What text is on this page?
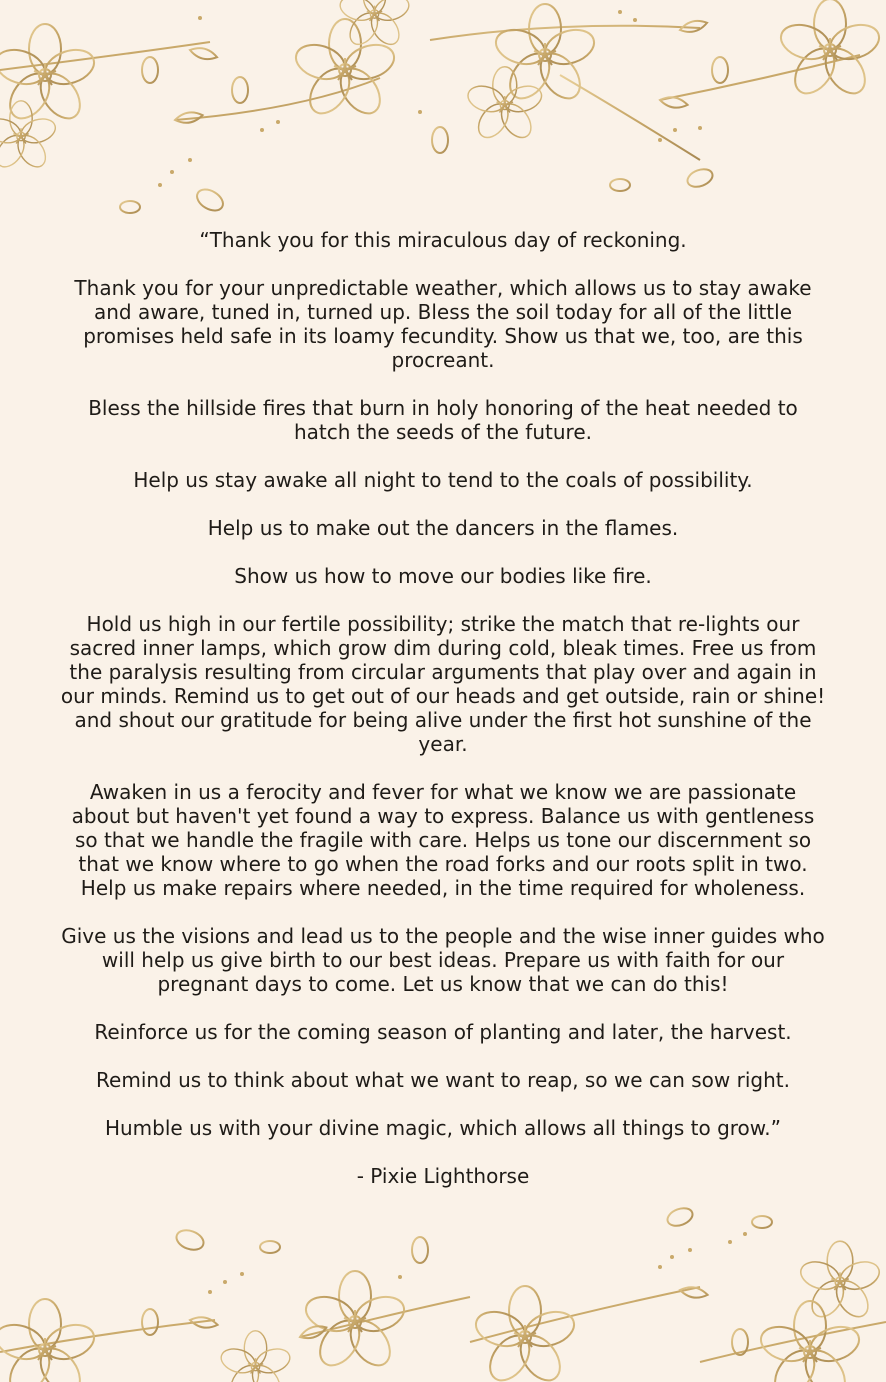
“Thank you for this miraculous day of reckoning.

Thank you for your unpredictable weather, which allows us to stay awake and aware, tuned in, turned up. Bless the soil today for all of the little promises held safe in its loamy fecundity. Show us that we, too, are this procreant.

Bless the hillside fires that burn in holy honoring of the heat needed to hatch the seeds of the future.

Help us stay awake all night to tend to the coals of possibility.

Help us to make out the dancers in the flames.

Show us how to move our bodies like fire.

Hold us high in our fertile possibility; strike the match that re-lights our sacred inner lamps, which grow dim during cold, bleak times. Free us from the paralysis resulting from circular arguments that play over and again in our minds. Remind us to get out of our heads and get outside, rain or shine! and shout our gratitude for being alive under the first hot sunshine of the year.

Awaken in us a ferocity and fever for what we know we are passionate about but haven't yet found a way to express. Balance us with gentleness so that we handle the fragile with care. Helps us tone our discernment so that we know where to go when the road forks and our roots split in two. Help us make repairs where needed, in the time required for wholeness.

Give us the visions and lead us to the people and the wise inner guides who will help us give birth to our best ideas. Prepare us with faith for our pregnant days to come. Let us know that we can do this!

Reinforce us for the coming season of planting and later, the harvest.

Remind us to think about what we want to reap, so we can sow right.

Humble us with your divine magic, which allows all things to grow.”

- Pixie Lighthorse
